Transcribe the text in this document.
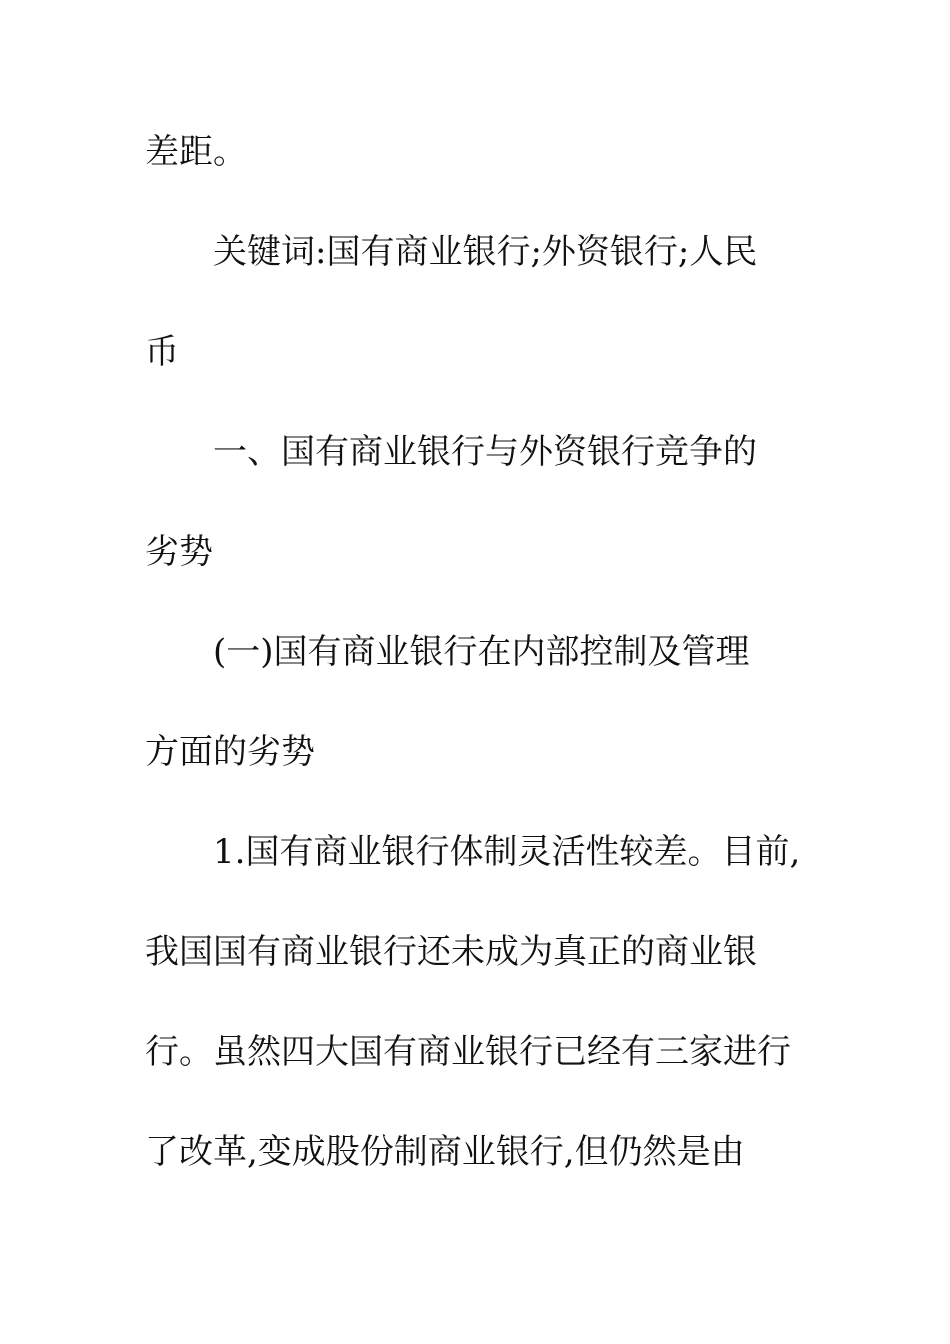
差距。

关键词:国有商业银行;外资银行;人民

币

一、国有商业银行与外资银行竞争的

劣势

(一)国有商业银行在内部控制及管理

方面的劣势

1.国有商业银行体制灵活性较差。目前,

我国国有商业银行还未成为真正的商业银

行。虽然四大国有商业银行已经有三家进行

了改革,变成股份制商业银行,但仍然是由
